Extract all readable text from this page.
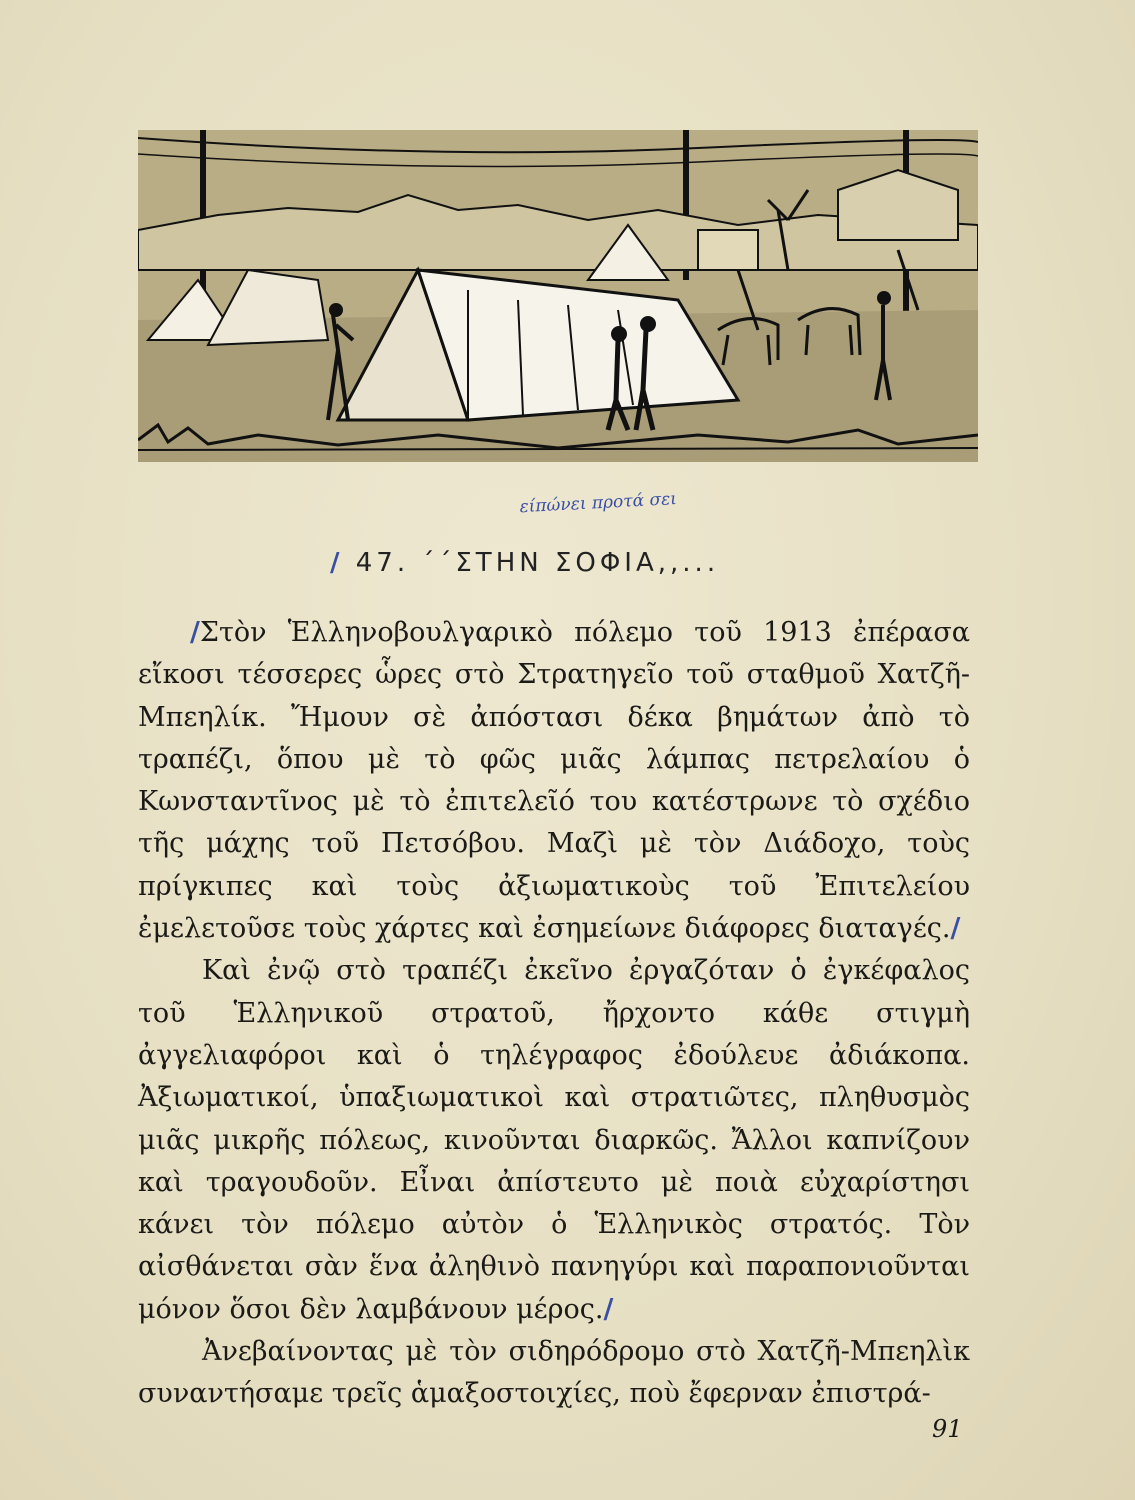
είπώνει προτά σει
/ 47. ΄΄ΣΤΗΝ ΣΟΦΙΑ,,...

/Στὸν Ἑλληνοβουλγαρικὸ πόλεμο τοῦ 1913 ἐπέρασα εἴκοσι τέσσερες ὧρες στὸ Στρατηγεῖο τοῦ σταθμοῦ Χατζῆ-Μπεηλίκ. Ἤμουν σὲ ἀπόστασι δέκα βημάτων ἀπὸ τὸ τραπέζι, ὅπου μὲ τὸ φῶς μιᾶς λάμπας πετρελαίου ὁ Κωνσταντῖνος μὲ τὸ ἐπιτελεῖό του κατέστρωνε τὸ σχέδιο τῆς μάχης τοῦ Πετσόβου. Μαζὶ μὲ τὸν Διάδοχο, τοὺς πρίγκιπες καὶ τοὺς ἀξιωματικοὺς τοῦ Ἐπιτελείου ἐμελετοῦσε τοὺς χάρτες καὶ ἐσημείωνε διάφορες διαταγές./

Καὶ ἐνῷ στὸ τραπέζι ἐκεῖνο ἐργαζόταν ὁ ἐγκέφαλος τοῦ Ἑλληνικοῦ στρατοῦ, ἤρχοντο κάθε στιγμὴ ἀγγελιαφόροι καὶ ὁ τηλέγραφος ἐδούλευε ἀδιάκοπα. Ἀξιωματικοί, ὑπαξιωματικοὶ καὶ στρατιῶτες, πληθυσμὸς μιᾶς μικρῆς πόλεως, κινοῦνται διαρκῶς. Ἄλλοι καπνίζουν καὶ τραγουδοῦν. Εἶναι ἀπίστευτο μὲ ποιὰ εὐχαρίστησι κάνει τὸν πόλεμο αὐτὸν ὁ Ἑλληνικὸς στρατός. Τὸν αἰσθάνεται σὰν ἕνα ἀληθινὸ πανηγύρι καὶ παραπονιοῦνται μόνον ὅσοι δὲν λαμβάνουν μέρος./

Ἀνεβαίνοντας μὲ τὸν σιδηρόδρομο στὸ Χατζῆ-Μπεηλὶκ συναντήσαμε τρεῖς ἁμαξοστοιχίες, ποὺ ἔφερναν ἐπιστρά-

91
